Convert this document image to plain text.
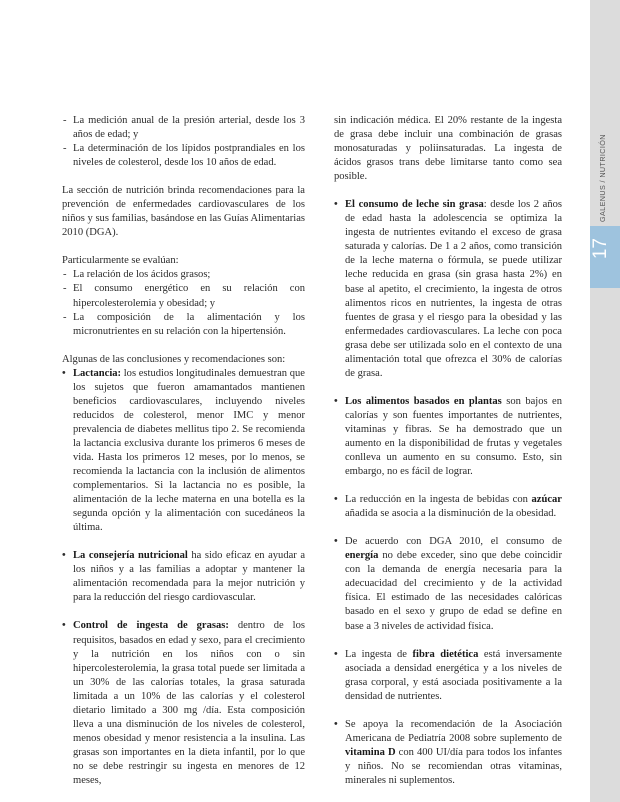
GALENUS / NUTRICIÓN
17

- La medición anual de la presión arterial, desde los 3 años de edad; y

- La determinación de los lípidos postprandiales en los niveles de colesterol, desde los 10 años de edad.

La sección de nutrición brinda recomendaciones para la prevención de enfermedades cardiovasculares de los niños y sus familias, basándose en las Guías Alimentarias 2010 (DGA).

Particularmente se evalúan:

- La relación de los ácidos grasos;

- El consumo energético en su relación con hipercolesterolemia y obesidad; y

- La composición de la alimentación y los micronutrientes en su relación con la hipertensión.

Algunas de las conclusiones y recomendaciones son:

• Lactancia: los estudios longitudinales demuestran que los sujetos que fueron amamantados mantienen beneficios cardiovasculares, incluyendo niveles reducidos de colesterol, menor IMC y menor prevalencia de diabetes mellitus tipo 2. Se recomienda la lactancia exclusiva durante los primeros 6 meses de vida. Hasta los primeros 12 meses, por lo menos, se recomienda la lactancia con la inclusión de alimentos complementarios. Si la lactancia no es posible, la alimentación de la leche materna en una botella es la segunda opción y la alimentación con sucedáneos la última.

• La consejería nutricional ha sido eficaz en ayudar a los niños y a las familias a adoptar y mantener la alimentación recomendada para la mejor nutrición y para la reducción del riesgo cardiovascular.

• Control de ingesta de grasas: dentro de los requisitos, basados en edad y sexo, para el crecimiento y la nutrición en los niños con o sin hipercolesterolemia, la grasa total puede ser limitada a un 30% de las calorías totales, la grasa saturada limitada a un 10% de las calorías y el colesterol dietario limitado a 300 mg /día. Esta composición lleva a una disminución de los niveles de colesterol, menos obesidad y menor resistencia a la insulina. Las grasas son importantes en la dieta infantil, por lo que no se debe restringir su ingesta en menores de 12 meses,

sin indicación médica. El 20% restante de la ingesta de grasa debe incluir una combinación de grasas monosaturadas y poliinsaturadas. La ingesta de ácidos grasos trans debe limitarse tanto como sea posible.

• El consumo de leche sin grasa: desde los 2 años de edad hasta la adolescencia se optimiza la ingesta de nutrientes evitando el exceso de grasa saturada y calorías. De 1 a 2 años, como transición de la leche materna o fórmula, se puede utilizar leche reducida en grasa (sin grasa hasta 2%) en base al apetito, el crecimiento, la ingesta de otros alimentos ricos en nutrientes, la ingesta de otras fuentes de grasa y el riesgo para la obesidad y las enfermedades cardiovasculares. La leche con poca grasa debe ser utilizada solo en el contexto de una alimentación total que ofrezca el 30% de calorías de grasa.

• Los alimentos basados en plantas son bajos en calorías y son fuentes importantes de nutrientes, vitaminas y fibras. Se ha demostrado que un aumento en la disponibilidad de frutas y vegetales conlleva un aumento en su consumo. Esto, sin embargo, no es fácil de lograr.

• La reducción en la ingesta de bebidas con azúcar añadida se asocia a la disminución de la obesidad.

• De acuerdo con DGA 2010, el consumo de energía no debe exceder, sino que debe coincidir con la demanda de energía necesaria para la adecuacidad del crecimiento y de la actividad física. El estimado de las necesidades calóricas basado en el sexo y grupo de edad se define en base a 3 niveles de actividad física.

• La ingesta de fibra dietética está inversamente asociada a densidad energética y a los niveles de grasa corporal, y está asociada positivamente a la densidad de nutrientes.

• Se apoya la recomendación de la Asociación Americana de Pediatría 2008 sobre suplemento de vitamina D con 400 UI/día para todos los infantes y niños. No se recomiendan otras vitaminas, minerales ni suplementos.
